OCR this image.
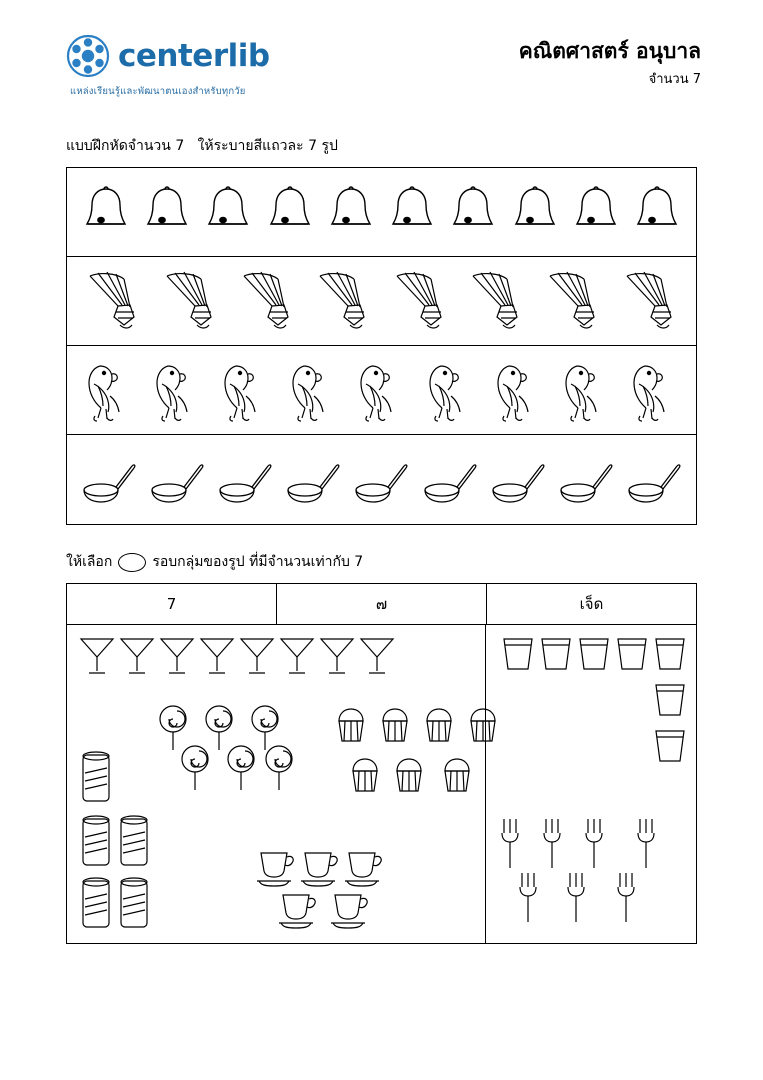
centerlib
แหล่งเรียนรู้และพัฒนาตนเองสำหรับทุกวัย
คณิตศาสตร์ อนุบาล
จำนวน 7
แบบฝึกหัดจำนวน 7   ให้ระบายสีแถวละ 7 รูป
ให้เลือก	รอบกลุ่มของรูป ที่มีจำนวนเท่ากับ 7
7	๗	เจ็ด
